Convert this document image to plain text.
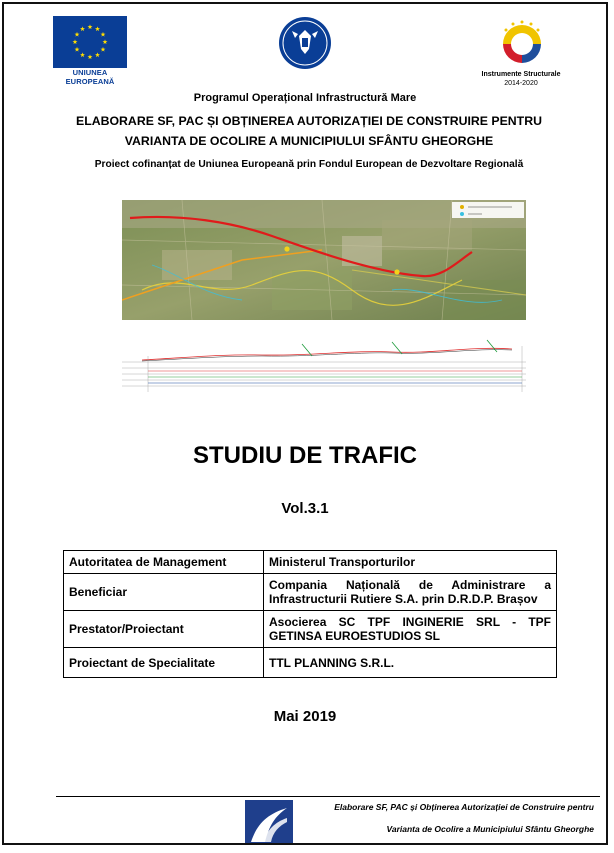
UNIUNEA EUROPEANĂ
Instrumente Structurale
2014-2020
Programul Operațional Infrastructură Mare
ELABORARE SF, PAC ȘI OBȚINEREA AUTORIZAȚIEI DE CONSTRUIRE PENTRU
VARIANTA DE OCOLIRE A MUNICIPIULUI SFÂNTU GHEORGHE
Proiect cofinanțat de Uniunea Europeană prin Fondul European de Dezvoltare Regională
STUDIU DE TRAFIC
Vol.3.1
Autoritatea de Management	Ministerul Transporturilor
Beneficiar	Compania Națională de Administrare a Infrastructurii Rutiere S.A. prin D.R.D.P. Brașov
Prestator/Proiectant	Asocierea SC TPF INGINERIE SRL - TPF GETINSA EUROESTUDIOS SL
Proiectant de Specialitate	TTL PLANNING S.R.L.
Mai 2019
Elaborare SF, PAC și Obținerea Autorizației de Construire pentru
Varianta de Ocolire a Municipiului Sfântu Gheorghe
